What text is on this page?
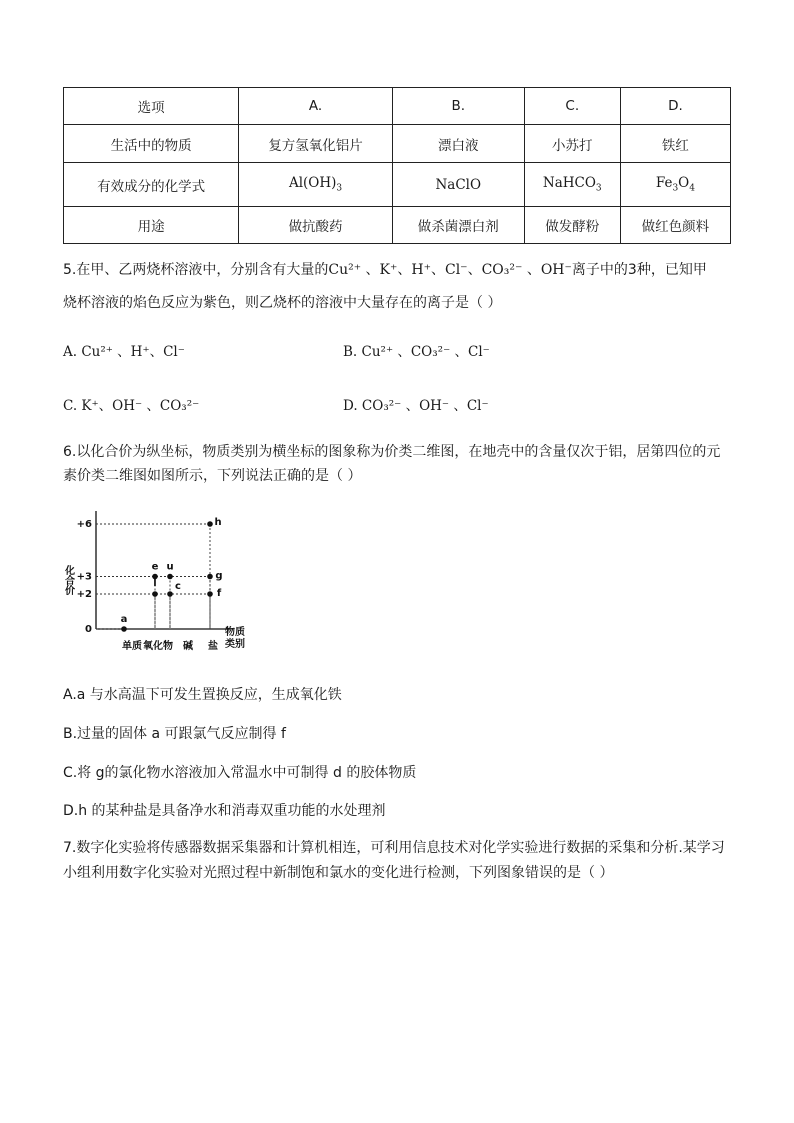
选项	A.	B.	C.	D.
生活中的物质	复方氢氧化铝片	漂白液	小苏打	铁红
有效成分的化学式	$Al(OH)_3$	NaClO	NaHCO$_3$	$Fe_3O_4$
用途	做抗酸药	做杀菌漂白剂	做发酵粉	做红色颜料
5.在甲、乙两烧杯溶液中，分别含有大量的Cu²⁺ 、K⁺、H⁺、Cl⁻、CO₃²⁻ 、OH⁻离子中的3种，已知甲
烧杯溶液的焰色反应为紫色，则乙烧杯的溶液中大量存在的离子是（ ）
A. Cu²⁺ 、H⁺、Cl⁻	B. Cu²⁺ 、CO₃²⁻ 、Cl⁻
C. K⁺、OH⁻ 、CO₃²⁻	D. CO₃²⁻ 、OH⁻ 、Cl⁻
6.以化合价为纵坐标，物质类别为横坐标的图象称为价类二维图，在地壳中的含量仅次于铝，居第四位的元
素价类二维图如图所示，下列说法正确的是（ ）
化合价
+6
+3
+2
0
单质 氧化物 碱 盐
物质
类别
a
e
l
u
c
h
g
f
A.a 与水高温下可发生置换反应，生成氧化铁
B.过量的固体 a 可跟氯气反应制得 f
C.将 g的氯化物水溶液加入常温水中可制得 d 的胶体物质
D.h 的某种盐是具备净水和消毒双重功能的水处理剂
7.数字化实验将传感器数据采集器和计算机相连，可利用信息技术对化学实验进行数据的采集和分析.某学习
小组利用数字化实验对光照过程中新制饱和氯水的变化进行检测，下列图象错误的是（ ）
